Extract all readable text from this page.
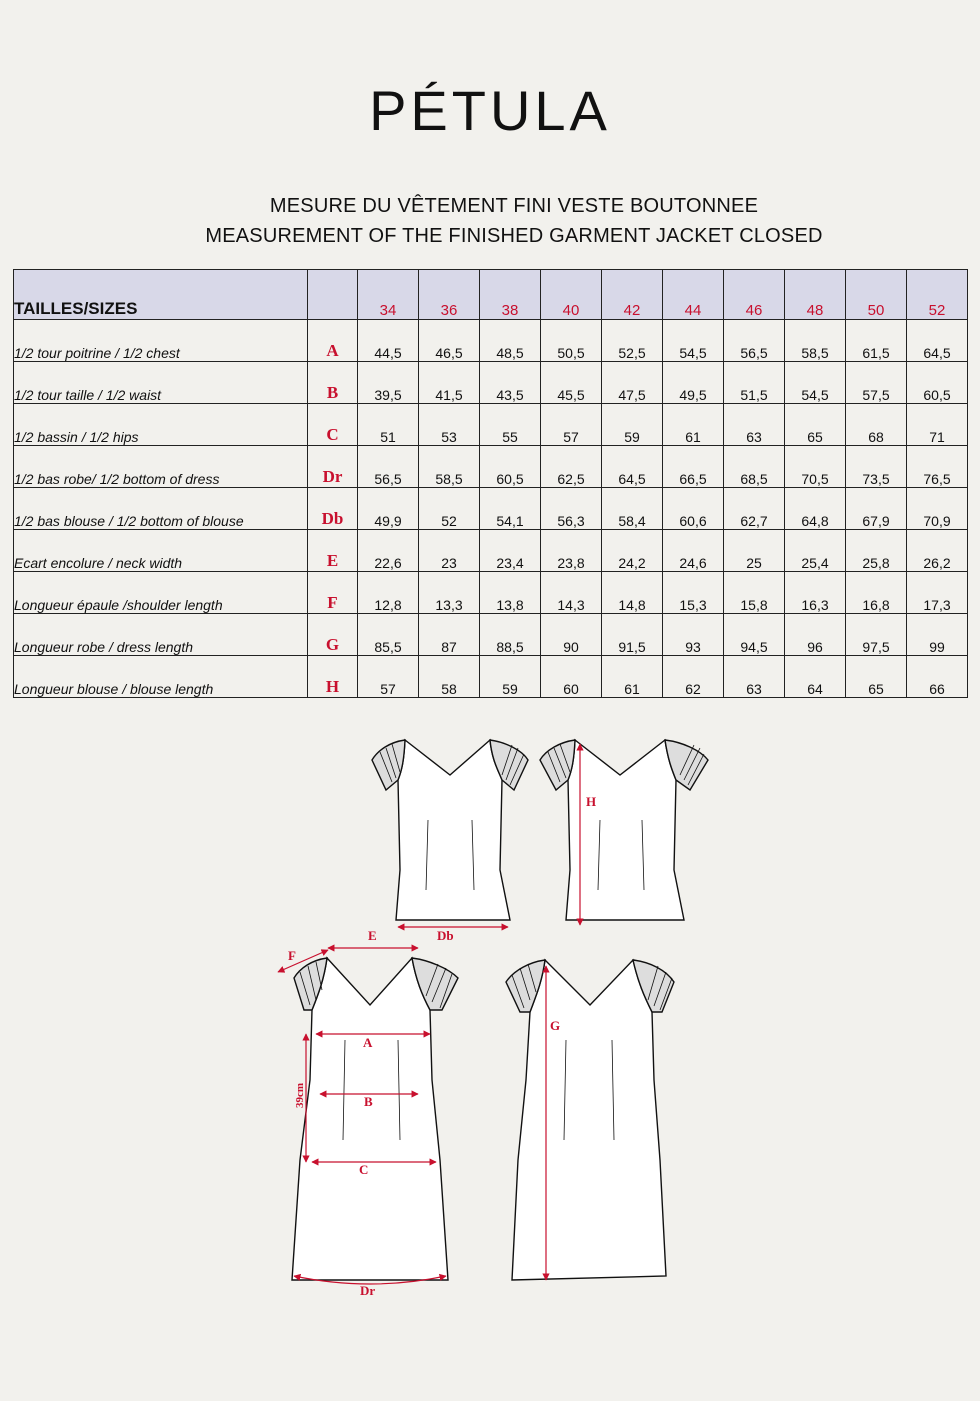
PÉTULA
MESURE DU VÊTEMENT FINI VESTE BOUTONNEE
MEASUREMENT OF THE FINISHED GARMENT JACKET CLOSED
TAILLES/SIZES		34	36	38	40	42	44	46	48	50	52
1/2 tour poitrine / 1/2 chest	A	44,5	46,5	48,5	50,5	52,5	54,5	56,5	58,5	61,5	64,5
1/2 tour taille / 1/2 waist	B	39,5	41,5	43,5	45,5	47,5	49,5	51,5	54,5	57,5	60,5
1/2 bassin / 1/2 hips	C	51	53	55	57	59	61	63	65	68	71
1/2 bas robe/ 1/2 bottom of dress	Dr	56,5	58,5	60,5	62,5	64,5	66,5	68,5	70,5	73,5	76,5
1/2 bas blouse / 1/2 bottom of blouse	Db	49,9	52	54,1	56,3	58,4	60,6	62,7	64,8	67,9	70,9
Ecart encolure / neck width	E	22,6	23	23,4	23,8	24,2	24,6	25	25,4	25,8	26,2
Longueur épaule /shoulder length	F	12,8	13,3	13,8	14,3	14,8	15,3	15,8	16,3	16,8	17,3
Longueur robe / dress length	G	85,5	87	88,5	90	91,5	93	94,5	96	97,5	99
Longueur blouse / blouse length	H	57	58	59	60	61	62	63	64	65	66
Db
H
E
F
A
B
C
39cm
Dr
G
